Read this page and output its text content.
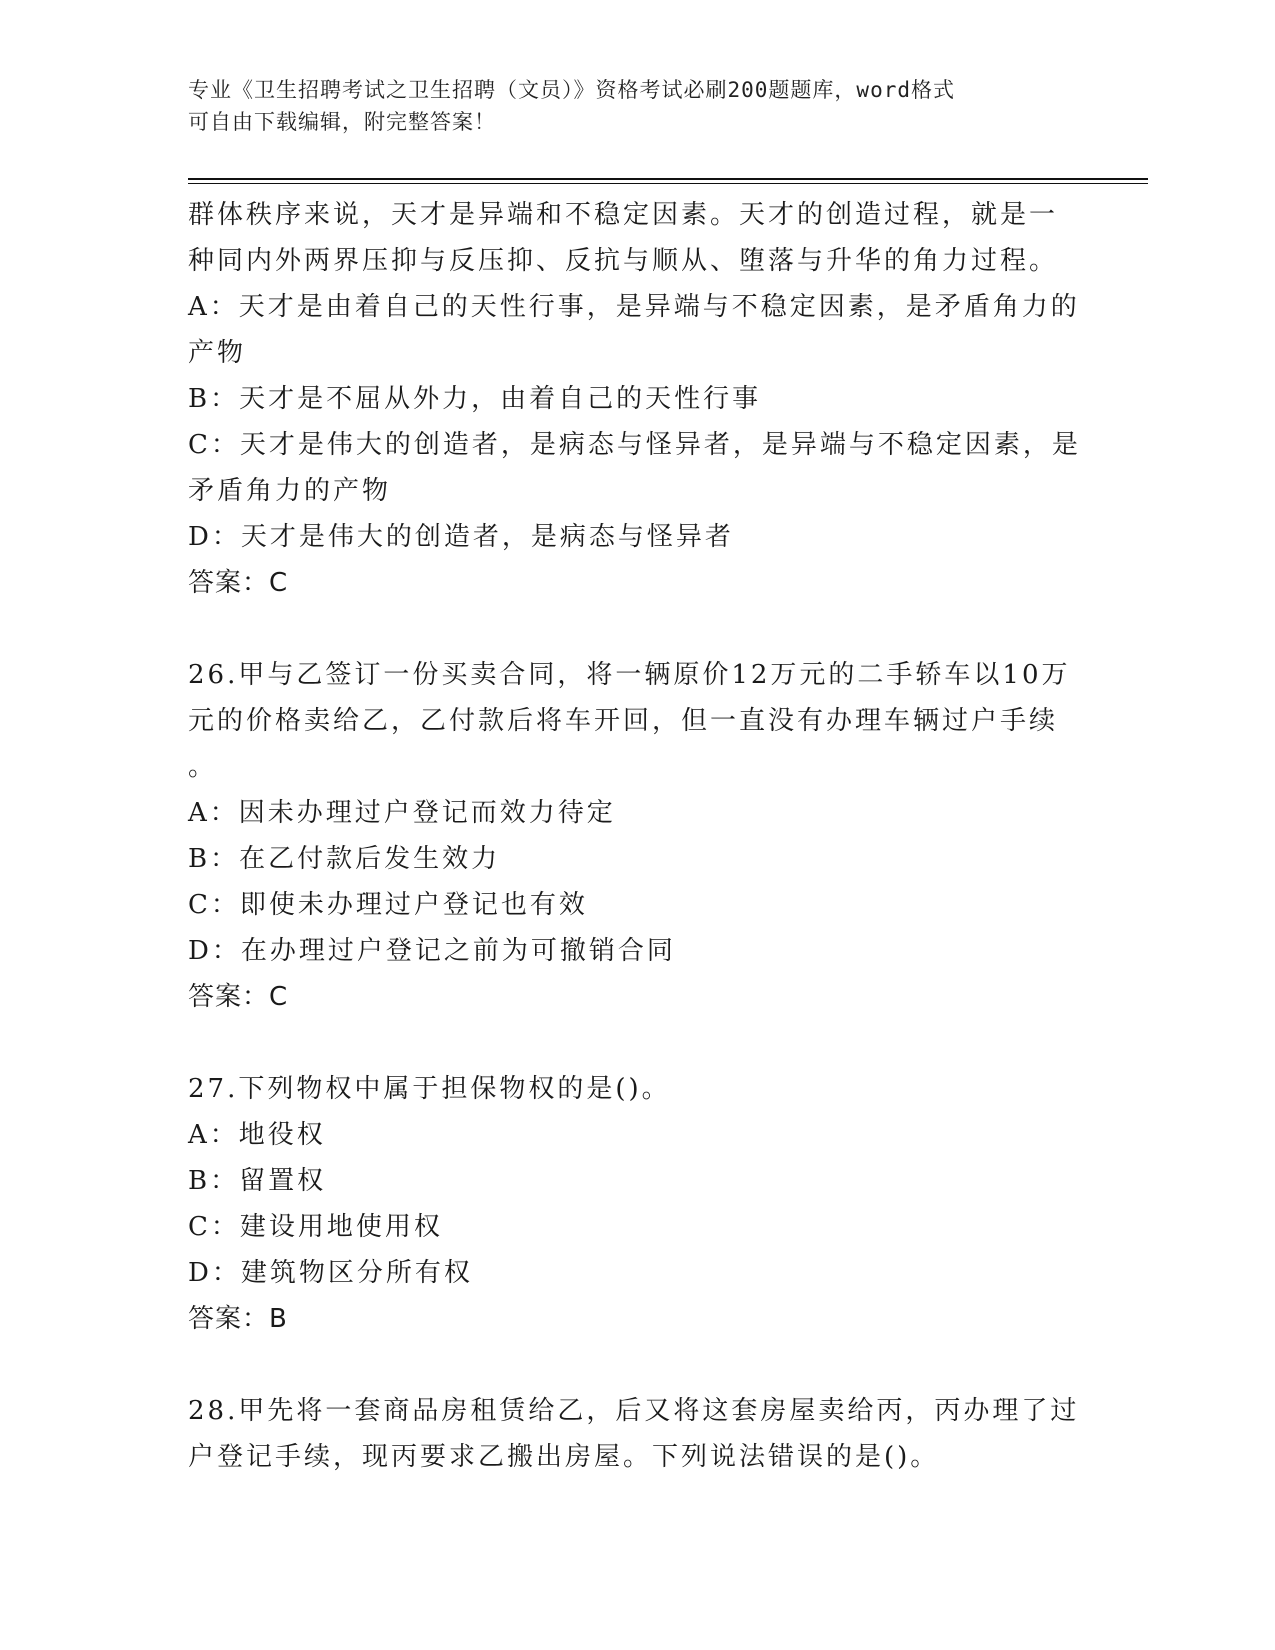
专业《卫生招聘考试之卫生招聘（文员）》资格考试必刷200题题库，word格式
可自由下载编辑，附完整答案！
群体秩序来说，天才是异端和不稳定因素。天才的创造过程，就是一
种同内外两界压抑与反压抑、反抗与顺从、堕落与升华的角力过程。
A：天才是由着自己的天性行事，是异端与不稳定因素，是矛盾角力的
产物
B：天才是不屈从外力，由着自己的天性行事
C：天才是伟大的创造者，是病态与怪异者，是异端与不稳定因素，是
矛盾角力的产物
D：天才是伟大的创造者，是病态与怪异者
答案：C
26.甲与乙签订一份买卖合同，将一辆原价12万元的二手轿车以10万
元的价格卖给乙，乙付款后将车开回，但一直没有办理车辆过户手续
。
A：因未办理过户登记而效力待定
B：在乙付款后发生效力
C：即使未办理过户登记也有效
D：在办理过户登记之前为可撤销合同
答案：C
27.下列物权中属于担保物权的是()。
A：地役权
B：留置权
C：建设用地使用权
D：建筑物区分所有权
答案：B
28.甲先将一套商品房租赁给乙，后又将这套房屋卖给丙，丙办理了过
户登记手续，现丙要求乙搬出房屋。下列说法错误的是()。
